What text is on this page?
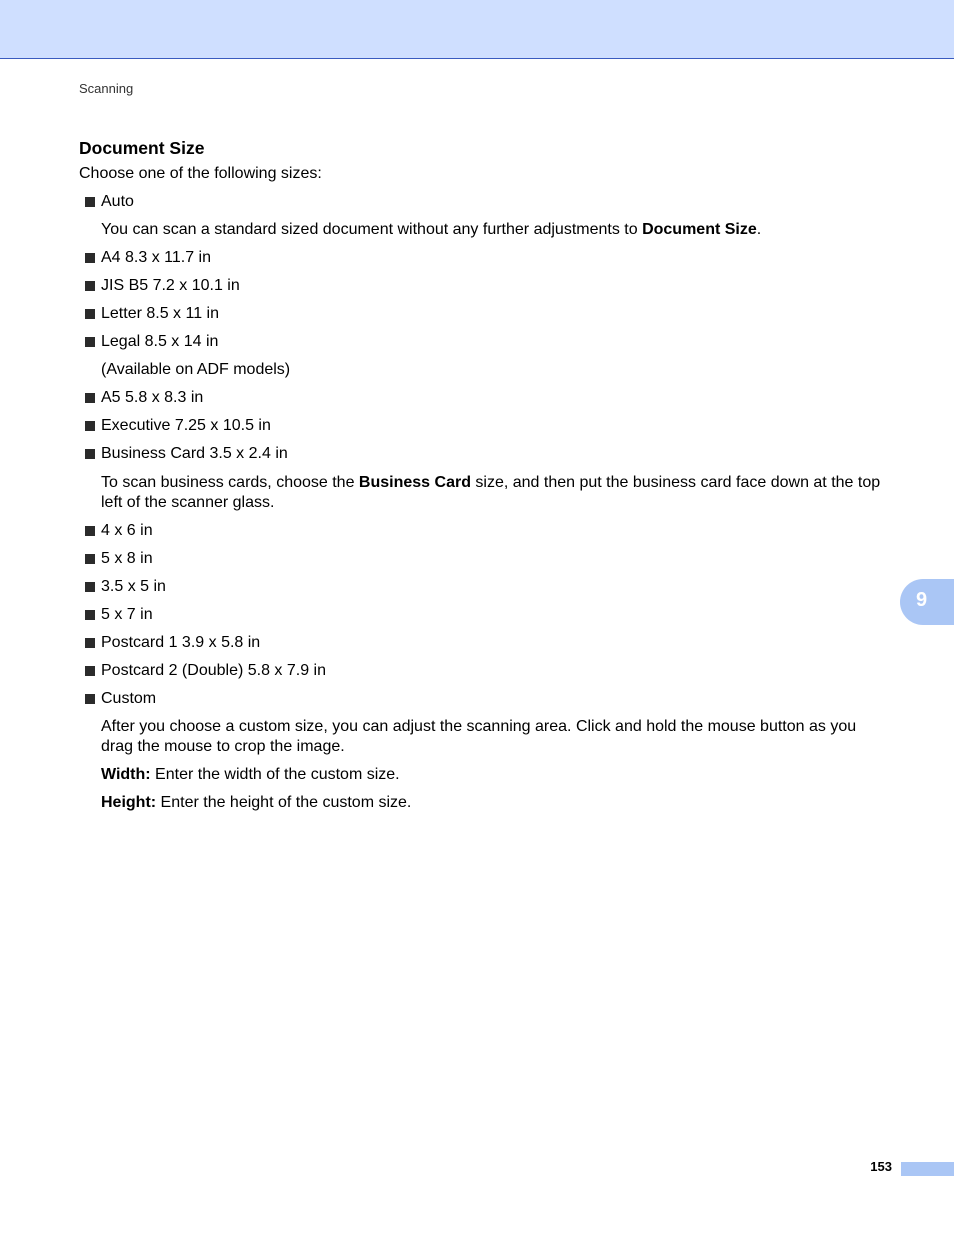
Scanning
Document Size

Choose one of the following sizes:

Auto
You can scan a standard sized document without any further adjustments to Document Size.
A4 8.3 x 11.7 in
JIS B5 7.2 x 10.1 in
Letter 8.5 x 11 in
Legal 8.5 x 14 in
(Available on ADF models)
A5 5.8 x 8.3 in
Executive 7.25 x 10.5 in
Business Card 3.5 x 2.4 in
To scan business cards, choose the Business Card size, and then put the business card face down at the top left of the scanner glass.
4 x 6 in
5 x 8 in
3.5 x 5 in
5 x 7 in
Postcard 1 3.9 x 5.8 in
Postcard 2 (Double) 5.8 x 7.9 in
Custom
After you choose a custom size, you can adjust the scanning area. Click and hold the mouse button as you drag the mouse to crop the image.
Width: Enter the width of the custom size.
Height: Enter the height of the custom size.
9
153
